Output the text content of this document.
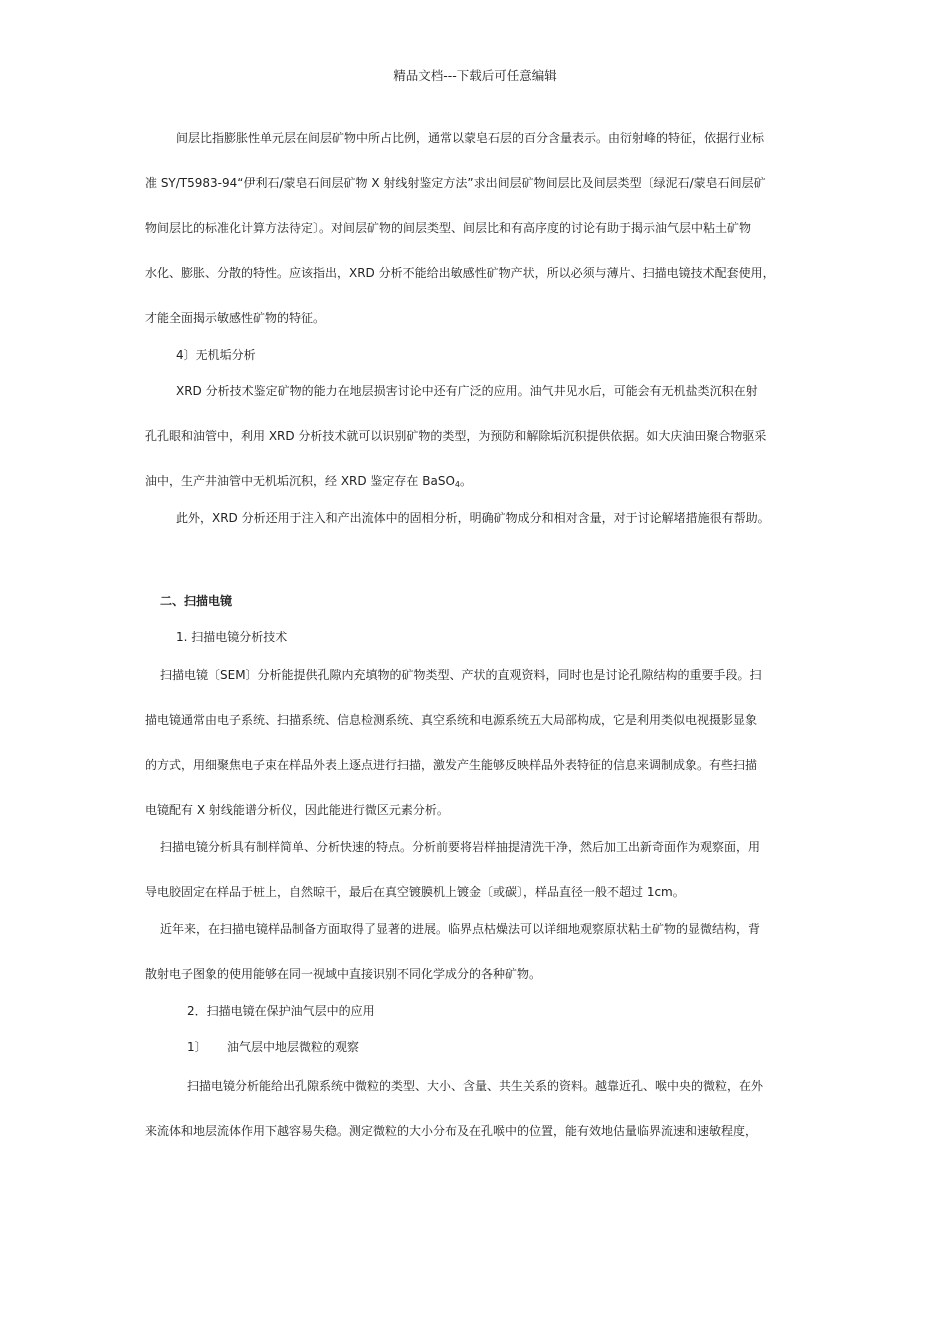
精品文档---下载后可任意编辑
间层比指膨胀性单元层在间层矿物中所占比例，通常以蒙皂石层的百分含量表示。由衍射峰的特征，依据行业标
准 SY/T5983-94“伊利石/蒙皂石间层矿物 X 射线射鉴定方法”求出间层矿物间层比及间层类型〔绿泥石/蒙皂石间层矿
物间层比的标准化计算方法待定〕。对间层矿物的间层类型、间层比和有高序度的讨论有助于揭示油气层中粘土矿物
水化、膨胀、分散的特性。应该指出，XRD 分析不能给出敏感性矿物产状，所以必须与薄片、扫描电镜技术配套使用，
才能全面揭示敏感性矿物的特征。
4〕无机垢分析
XRD 分析技术鉴定矿物的能力在地层损害讨论中还有广泛的应用。油气井见水后，可能会有无机盐类沉积在射
孔孔眼和油管中，利用 XRD 分析技术就可以识别矿物的类型，为预防和解除垢沉积提供依据。如大庆油田聚合物驱采
油中，生产井油管中无机垢沉积，经 XRD 鉴定存在 BaSO$_4$。
此外，XRD 分析还用于注入和产出流体中的固相分析，明确矿物成分和相对含量，对于讨论解堵措施很有帮助。
二、扫描电镜
1. 扫描电镜分析技术
扫描电镜〔SEM〕分析能提供孔隙内充填物的矿物类型、产状的直观资料，同时也是讨论孔隙结构的重要手段。扫
描电镜通常由电子系统、扫描系统、信息检测系统、真空系统和电源系统五大局部构成，它是利用类似电视摄影显象
的方式，用细聚焦电子束在样品外表上逐点进行扫描，激发产生能够反映样品外表特征的信息来调制成象。有些扫描
电镜配有 X 射线能谱分析仪，因此能进行微区元素分析。
扫描电镜分析具有制样简单、分析快速的特点。分析前要将岩样抽提清洗干净，然后加工出新奇面作为观察面，用
导电胶固定在样品于桩上，自然晾干，最后在真空镀膜机上镀金〔或碳〕，样品直径一般不超过 1cm。
近年来，在扫描电镜样品制备方面取得了显著的进展。临界点枯燥法可以详细地观察原状粘土矿物的显微结构，背
散射电子图象的使用能够在同一视域中直接识别不同化学成分的各种矿物。
2．扫描电镜在保护油气层中的应用
1〕 油气层中地层微粒的观察
扫描电镜分析能给出孔隙系统中微粒的类型、大小、含量、共生关系的资料。越靠近孔、喉中央的微粒，在外
来流体和地层流体作用下越容易失稳。测定微粒的大小分布及在孔喉中的位置，能有效地估量临界流速和速敏程度，
